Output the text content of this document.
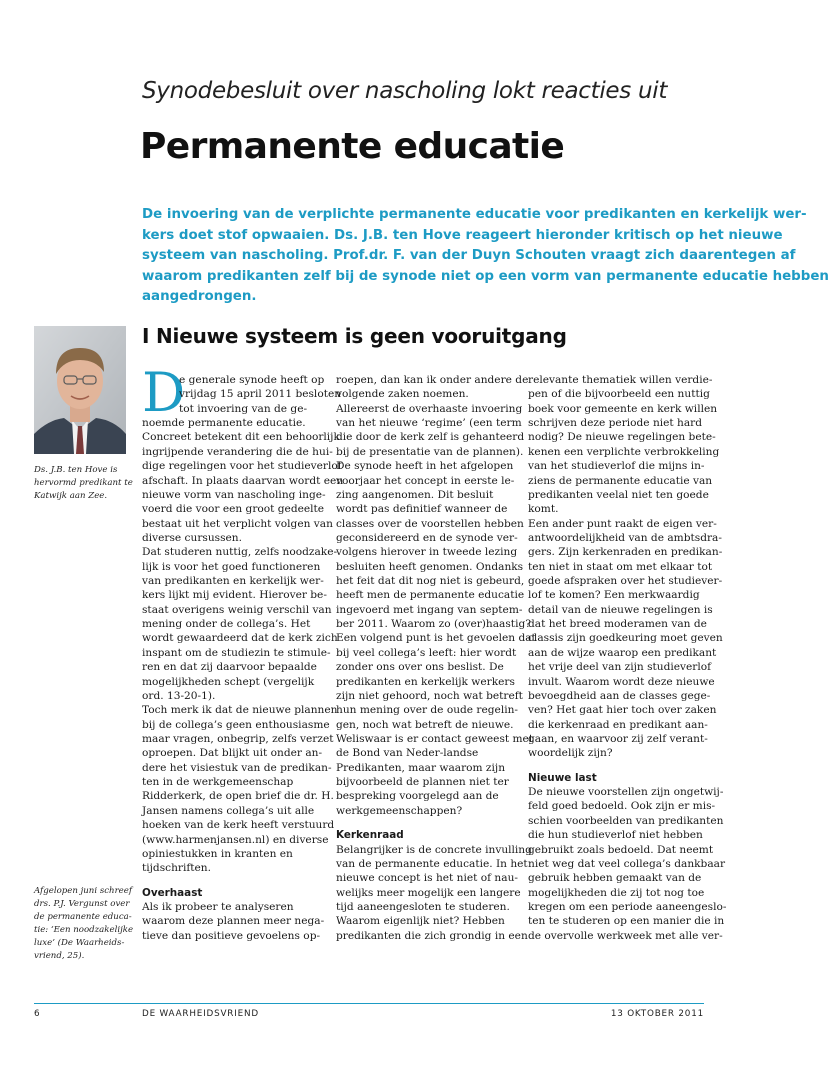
Synodebesluit over nascholing lokt reacties uit
Permanente educatie
De invoering van de verplichte permanente educatie voor predikanten en kerkelijk wer-
kers doet stof opwaaien. Ds. J.B. ten Hove reageert hieronder kritisch op het nieuwe
systeem van nascholing. Prof.dr. F. van der Duyn Schouten vraagt zich daarentegen af
waarom predikanten zelf bij de synode niet op een vorm van permanente educatie hebben
aangedrongen.
I Nieuwe systeem is geen vooruitgang
Ds. J.B. ten Hove is
hervormd predikant te
Katwijk aan Zee.
Afgelopen juni schreef
drs. P.J. Vergunst over
de permanente educa-
tie: ‘Een noodzakelijke
luxe’ (De Waarheids-
vriend, 25).
D
e generale synode heeft op
vrijdag 15 april 2011 besloten
tot invoering van de ge-
noemde permanente educatie.
Concreet betekent dit een behoorlijk
ingrijpende verandering die de hui-
dige regelingen voor het studieverlof
afschaft. In plaats daarvan wordt een
nieuwe vorm van nascholing inge-
voerd die voor een groot gedeelte
bestaat uit het verplicht volgen van
diverse cursussen.
Dat studeren nuttig, zelfs noodzake-
lijk is voor het goed functioneren
van predikanten en kerkelijk wer-
kers lijkt mij evident. Hierover be-
staat overigens weinig verschil van
mening onder de collega’s. Het
wordt gewaardeerd dat de kerk zich
inspant om de studiezin te stimule-
ren en dat zij daarvoor bepaalde
mogelijkheden schept (vergelijk
ord. 13-20-1).
Toch merk ik dat de nieuwe plannen
bij de collega’s geen enthousiasme
maar vragen, onbegrip, zelfs verzet
oproepen. Dat blijkt uit onder an-
dere het visiestuk van de predikan-
ten in de werkgemeenschap
Ridderkerk, de open brief die dr. H.
Jansen namens collega’s uit alle
hoeken van de kerk heeft verstuurd
(www.harmenjansen.nl) en diverse
opiniestukken in kranten en
tijdschriften.
Overhaast
Als ik probeer te analyseren
waarom deze plannen meer nega-
tieve dan positieve gevoelens op-
roepen, dan kan ik onder andere de
volgende zaken noemen.
Allereerst de overhaaste invoering
van het nieuwe ‘regime’ (een term
die door de kerk zelf is gehanteerd
bij de presentatie van de plannen).
De synode heeft in het afgelopen
voorjaar het concept in eerste le-
zing aangenomen. Dit besluit
wordt pas definitief wanneer de
classes over de voorstellen hebben
geconsidereerd en de synode ver-
volgens hierover in tweede lezing
besluiten heeft genomen. Ondanks
het feit dat dit nog niet is gebeurd,
heeft men de permanente educatie
ingevoerd met ingang van septem-
ber 2011. Waarom zo (over)haastig?
Een volgend punt is het gevoelen dat
bij veel collega’s leeft: hier wordt
zonder ons over ons beslist. De
predikanten en kerkelijk werkers
zijn niet gehoord, noch wat betreft
hun mening over de oude regelin-
gen, noch wat betreft de nieuwe.
Weliswaar is er contact geweest met
de Bond van Neder-landse
Predikanten, maar waarom zijn
bijvoorbeeld de plannen niet ter
bespreking voorgelegd aan de
werkgemeenschappen?
Kerkenraad
Belangrijker is de concrete invulling
van de permanente educatie. In het
nieuwe concept is het niet of nau-
welijks meer mogelijk een langere
tijd aaneengesloten te studeren.
Waarom eigenlijk niet? Hebben
predikanten die zich grondig in een
relevante thematiek willen verdie-
pen of die bijvoorbeeld een nuttig
boek voor gemeente en kerk willen
schrijven deze periode niet hard
nodig? De nieuwe regelingen bete-
kenen een verplichte verbrokkeling
van het studieverlof die mijns in-
ziens de permanente educatie van
predikanten veelal niet ten goede
komt.
Een ander punt raakt de eigen ver-
antwoordelijkheid van de ambtsdra-
gers. Zijn kerkenraden en predikan-
ten niet in staat om met elkaar tot
goede afspraken over het studiever-
lof te komen? Een merkwaardig
detail van de nieuwe regelingen is
dat het breed moderamen van de
classis zijn goedkeuring moet geven
aan de wijze waarop een predikant
het vrije deel van zijn studieverlof
invult. Waarom wordt deze nieuwe
bevoegdheid aan de classes gege-
ven? Het gaat hier toch over zaken
die kerkenraad en predikant aan-
gaan, en waarvoor zij zelf verant-
woordelijk zijn?
Nieuwe last
De nieuwe voorstellen zijn ongetwij-
feld goed bedoeld. Ook zijn er mis-
schien voorbeelden van predikanten
die hun studieverlof niet hebben
gebruikt zoals bedoeld. Dat neemt
niet weg dat veel collega’s dankbaar
gebruik hebben gemaakt van de
mogelijkheden die zij tot nog toe
kregen om een periode aaneengeslo-
ten te studeren op een manier die in
de overvolle werkweek met alle ver-
6	DE WAARHEIDSVRIEND	13 OKTOBER 2011
